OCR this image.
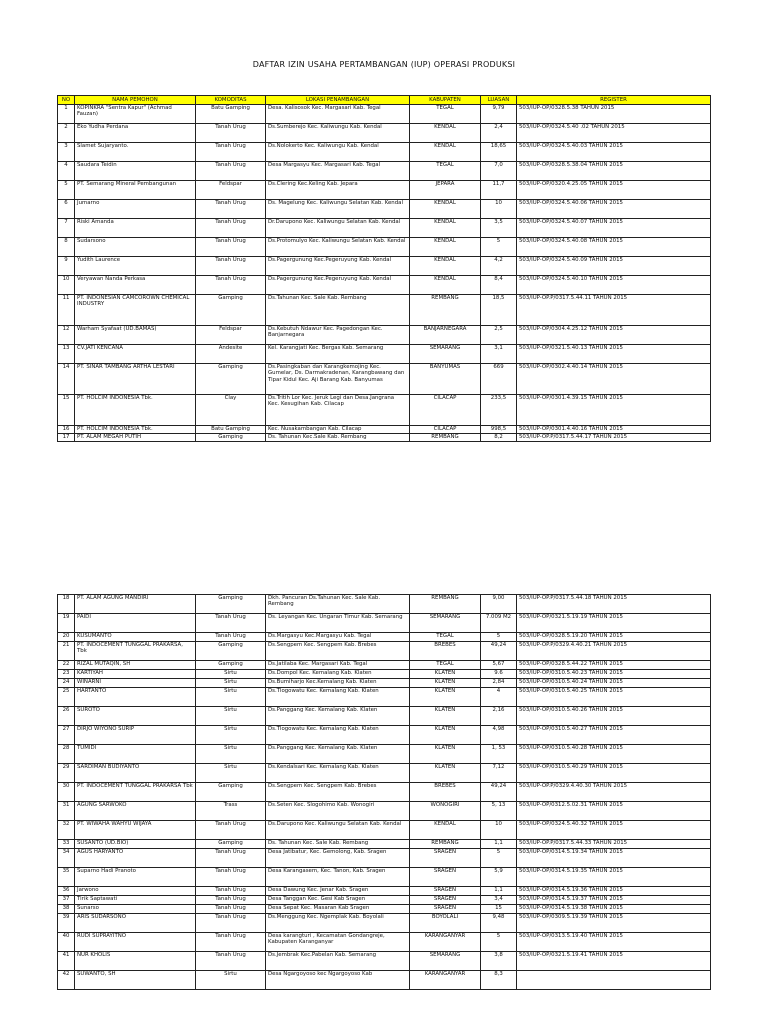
DAFTAR IZIN USAHA PERTAMBANGAN (IUP) OPERASI PRODUKSI
NO	NAMA PEMOHON	KOMODITAS	LOKASI PENAMBANGAN	KABUPATEN	LUASAN	REGISTER
1	KOPINKRA "Sentra Kapur" (Achmad Fauzan)	Batu Gamping	Desa. Kalisosok Kec. Margasari Kab. Tegal	TEGAL	9,79	503/IUP-OP/0328.5.38 TAHUN 2015
2	Eko Yudha Perdana	Tanah Urug	Ds.Sumberejo Kec. Kaliwungu Kab. Kendal	KENDAL	2,4	503/IUP-OP/0324.5.40 .02 TAHUN 2015
3	Slamet Sujaryanto.	Tanah Urug	Ds.Nolokerto Kec. Kaliwungu Kab. Kendal	KENDAL	18,65	503/IUP-OP/0324.5.40.03 TAHUN 2015
4	Saudara Teidin	Tanah Urug	Desa Margasyu Kec. Margasari Kab. Tegal	TEGAL	7,0	503/IUP-OP/0328.5.38.04 TAHUN 2015
5	PT. Semarang Mineral Pembangunan	Feldspar	Ds.Clering Kec.Keling Kab. Jepara	JEPARA	11,7	503/IUP-OP/0320.4.25.05 TAHUN 2015
6	Jumarno	Tanah Urug	Ds. Magelung Kec. Kaliwungu Selatan Kab. Kendal	KENDAL	10	503/IUP-OP/0324.5.40.06 TAHUN 2015
7	Riski Amanda	Tanah Urug	Dr.Darupono Kec. Kaliwungu Selatan Kab. Kendal	KENDAL	3,5	503/IUP-OP/0324.5.40.07 TAHUN 2015
8	Sudarsono	Tanah Urug	Ds.Protomulyo Kec. Kaliwungu Selatan Kab. Kendal	KENDAL	5	503/IUP-OP/0324.5.40.08 TAHUN 2015
9	Yudith Laurence	Tanah Urug	Ds.Pagergunung Kec.Pegeruyung Kab. Kendal	KENDAL	4,2	503/IUP-OP/0324.5.40.09 TAHUN 2015
10	Veryawan Nanda Perkasa	Tanah Urug	Ds.Pagergunung Kec.Pegeruyung Kab. Kendal	KENDAL	8,4	503/IUP-OP/0324.5.40.10 TAHUN 2015
11	PT. INDONESIAN CAMCOROWN CHEMICAL INDUSTRY	Gamping	Ds.Tahunan Kec. Sale Kab. Rembang	REMBANG	18,5	503/IUP-OP.P/0317.5.44.11 TAHUN 2015
12	Warham Syafaat (UD.BAMAS)	Feldspar	Ds.Kebutuh Ndawur Kec. Pagedongan Kec. Banjarnegara	BANJARNEGARA	2,5	503/IUP-OP/0304.4.25.12 TAHUN 2015
13	CV.JATI KENCANA	Andesite	Kel. Karangjati Kec. Bergas Kab. Semarang	SEMARANG	3,1	503/IUP-OP/0321.5.40.13 TAHUN 2015
14	PT. SINAR TAMBANG ARTHA LESTARI	Gamping	Ds.Pasingkaban dan Karangkemojing Kec. Gumelar, Ds. Darmakradenan, Karangbawang dan Tipar Kidul Kec. Aji Barang Kab. Banyumas	BANYUMAS	669	503/IUP-OP/0302.4.40.14 TAHUN 2015
15	PT. HOLCIM INDONESIA Tbk.	Clay	Ds.Tritih Lor Kec. Jeruk Legi dan Desa.Jangrana Kec. Kesugihan Kab. Cilacap	CILACAP	233,5	503/IUP-OP/0301.4.39.15 TAHUN 2015
16	PT. HOLCIM INDONESIA Tbk.	Batu Gamping	Kec. Nusakambangan Kab. Cilacap	CILACAP	998,5	503/IUP-OP/0301.4.40.16 TAHUN 2015
17	PT. ALAM MEGAH PUTIH	Gamping	Ds. Tahunan Kec.Sale Kab. Rembang	REMBANG	8,2	503/IUP-OP.P/0317.5.44.17 TAHUN 2015
18	PT. ALAM AGUNG MANDIRI	Gamping	Dkh. Pancuran Ds.Tahunan Kec. Sale Kab. Rembang	REMBANG	9,00	503/IUP-OP.P/0317.5.44.18 TAHUN 2015
19	PAIDI	Tanah Urug	Ds. Leyangan Kec. Ungaran Timur Kab. Semarang	SEMARANG	7.009 M2	503/IUP-OP/0321.5.19.19 TAHUN 2015
20	KUSUMANTO	Tanah Urug	Ds.Margasyu Kec.Margasyu Kab. Tegal	TEGAL	5	503/IUP-OP/0328.5.19.20 TAHUN 2015
21	PT. INDOCEMENT TUNGGAL PRAKARSA, Tbk	Gamping	Ds.Sengpem Kec. Sengpem Kab. Brebes	BREBES	49,24	503/IUP-OP.P/0329.4.40.21 TAHUN 2015
22	RIZAL MUTAQIN, SH	Gamping	Ds.Jatilaba Kec. Margasari Kab. Tegal	TEGAL	5,67	503/IUP-OP/0328.5.44.22 TAHUN 2015
23	KARTIYAH	Sirtu	Ds.Dompol Kec. Kemalang Kab. Klaten	KLATEN	9.6	503/IUP-OP/0310.5.40.23 TAHUN 2015
24	WINARNI	Sirtu	Ds.Bumiharjo Kec.Kemalang Kab. Klaten	KLATEN	2,84	503/IUP-OP/0310.5.40.24 TAHUN 2015
25	HARTANTO	Sirtu	Ds.Tlogowatu Kec. Kemalang Kab. Klaten	KLATEN	4	503/IUP-OP/0310.5.40.25 TAHUN 2015
26	SUROTO	Sirtu	Ds.Panggang Kec. Kemalang Kab. Klaten	KLATEN	2,16	503/IUP-OP/0310.5.40.26 TAHUN 2015
27	DIRJO WIYONO SURIP	Sirtu	Ds.Tlogowatu Kec. Kemalang Kab. Klaten	KLATEN	4,98	503/IUP-OP/0310.5.40.27 TAHUN 2015
28	TUMIDI	Sirtu	Ds.Panggang Kec. Kemalang Kab. Klaten	KLATEN	1, 53	503/IUP-OP/0310.5.40.28 TAHUN 2015
29	SARDIMAN BUDIYANTO	Sirtu	Ds.Kendalsari Kec. Kemalang Kab. Klaten	KLATEN	7,12	503/IUP-OP/0310.5.40.29 TAHUN 2015
30	PT. INDOCEMENT TUNGGAL PRAKARSA Tbk	Gamping	Ds.Sengpem Kec. Sengpem Kab. Brebes	BREBES	49,24	503/IUP-OP.P/0329.4.40.30 TAHUN 2015
31	AGUNG SARWOKO	Trass	Ds.Seten Kec. Slogohimo Kab. Wonogiri	WONOGIRI	5, 13	503/IUP-OP/0312.5.02.31 TAHUN 2015
32	PT. WIWAHA WAHYU WIJAYA	Tanah Urug	Ds.Darupono Kec. Kaliwungu Selatan Kab. Kendal	KENDAL	10	503/IUP-OP/0324.5.40.32 TAHUN 2015
33	SUSANTO (UD.BIO)	Gamping	Ds. Tahunan Kec. Sale Kab. Rembang	REMBANG	1,1	503/IUP-OP.P/0317.5.44.33 TAHUN 2015
34	AGUS HARYANTO	Tanah Urug	Desa Jatibatur, Kec. Gemolong, Kab. Sragen	SRAGEN	5	503/IUP-OP/0314.5.19.34 TAHUN 2015
35	Suparno Hadi Pranoto	Tanah Urug	Desa Karangasem, Kec. Tanon, Kab. Sragen	SRAGEN	5,9	503/IUP-OP/0314.5.19.35 TAHUN 2015
36	Jarwono	Tanah Urug	Desa Dawung Kec. Jenar Kab. Sragen	SRAGEN	1,1	503/IUP-OP/0314.5.19.36 TAHUN 2015
37	Tirik Saptawati	Tanah Urug	Desa Tanggan Kec. Gesi Kab Sragen	SRAGEN	3,4	503/IUP-OP/0314.5.19.37 TAHUN 2015
38	Sunarso	Tanah Urug	Desa Sepat Kec. Masaran Kab Sragen	SRAGEN	15	503/IUP-OP/0314.5.19.38 TAHUN 2015
39	ARIS SUDARSONO	Tanah Urug	Ds.Menggung Kec. Ngemplak Kab. Boyolali	BOYOLALI	9,48	503/IUP-OP/0309.5.19.39 TAHUN 2015
40	RUDI SUPRAYITNO	Tanah Urug	Desa karangturi , Kecamatan Gondangreje, Kabupaten Karanganyar	KARANGANYAR	5	503/IUP-OP/0313.5.19.40 TAHUN 2015
41	NUR KHOLIS	Tanah Urug	Ds.Jembrak Kec.Pabelan Kab. Semarang	SEMARANG	3,8	503/IUP-OP/0321.5.19.41 TAHUN 2015
42	SUWANTO, SH	Sirtu	Desa Ngargoyoso kec Ngargoyoso Kab	KARANGANYAR	8,3	
